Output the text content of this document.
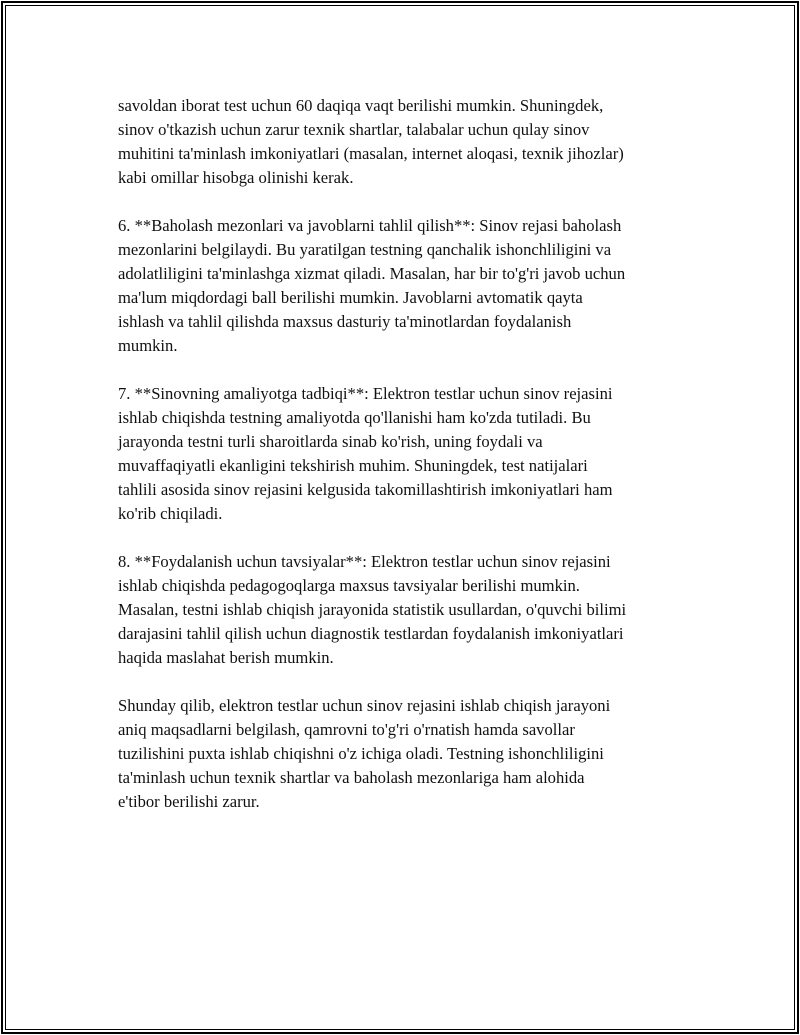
savoldan iborat test uchun 60 daqiqa vaqt berilishi mumkin. Shuningdek,
sinov o'tkazish uchun zarur texnik shartlar, talabalar uchun qulay sinov
muhitini ta'minlash imkoniyatlari (masalan, internet aloqasi, texnik jihozlar)
kabi omillar hisobga olinishi kerak.

6. **Baholash mezonlari va javoblarni tahlil qilish**: Sinov rejasi baholash
mezonlarini belgilaydi. Bu yaratilgan testning qanchalik ishonchliligini va
adolatliligini ta'minlashga xizmat qiladi. Masalan, har bir to'g'ri javob uchun
ma'lum miqdordagi ball berilishi mumkin. Javoblarni avtomatik qayta
ishlash va tahlil qilishda maxsus dasturiy ta'minotlardan foydalanish
mumkin.

7. **Sinovning amaliyotga tadbiqi**: Elektron testlar uchun sinov rejasini
ishlab chiqishda testning amaliyotda qo'llanishi ham ko'zda tutiladi. Bu
jarayonda testni turli sharoitlarda sinab ko'rish, uning foydali va
muvaffaqiyatli ekanligini tekshirish muhim. Shuningdek, test natijalari
tahlili asosida sinov rejasini kelgusida takomillashtirish imkoniyatlari ham
ko'rib chiqiladi.

8. **Foydalanish uchun tavsiyalar**: Elektron testlar uchun sinov rejasini
ishlab chiqishda pedagogoqlarga maxsus tavsiyalar berilishi mumkin.
Masalan, testni ishlab chiqish jarayonida statistik usullardan, o'quvchi bilimi
darajasini tahlil qilish uchun diagnostik testlardan foydalanish imkoniyatlari
haqida maslahat berish mumkin.

Shunday qilib, elektron testlar uchun sinov rejasini ishlab chiqish jarayoni
aniq maqsadlarni belgilash, qamrovni to'g'ri o'rnatish hamda savollar
tuzilishini puxta ishlab chiqishni o'z ichiga oladi. Testning ishonchliligini
ta'minlash uchun texnik shartlar va baholash mezonlariga ham alohida
e'tibor berilishi zarur.
